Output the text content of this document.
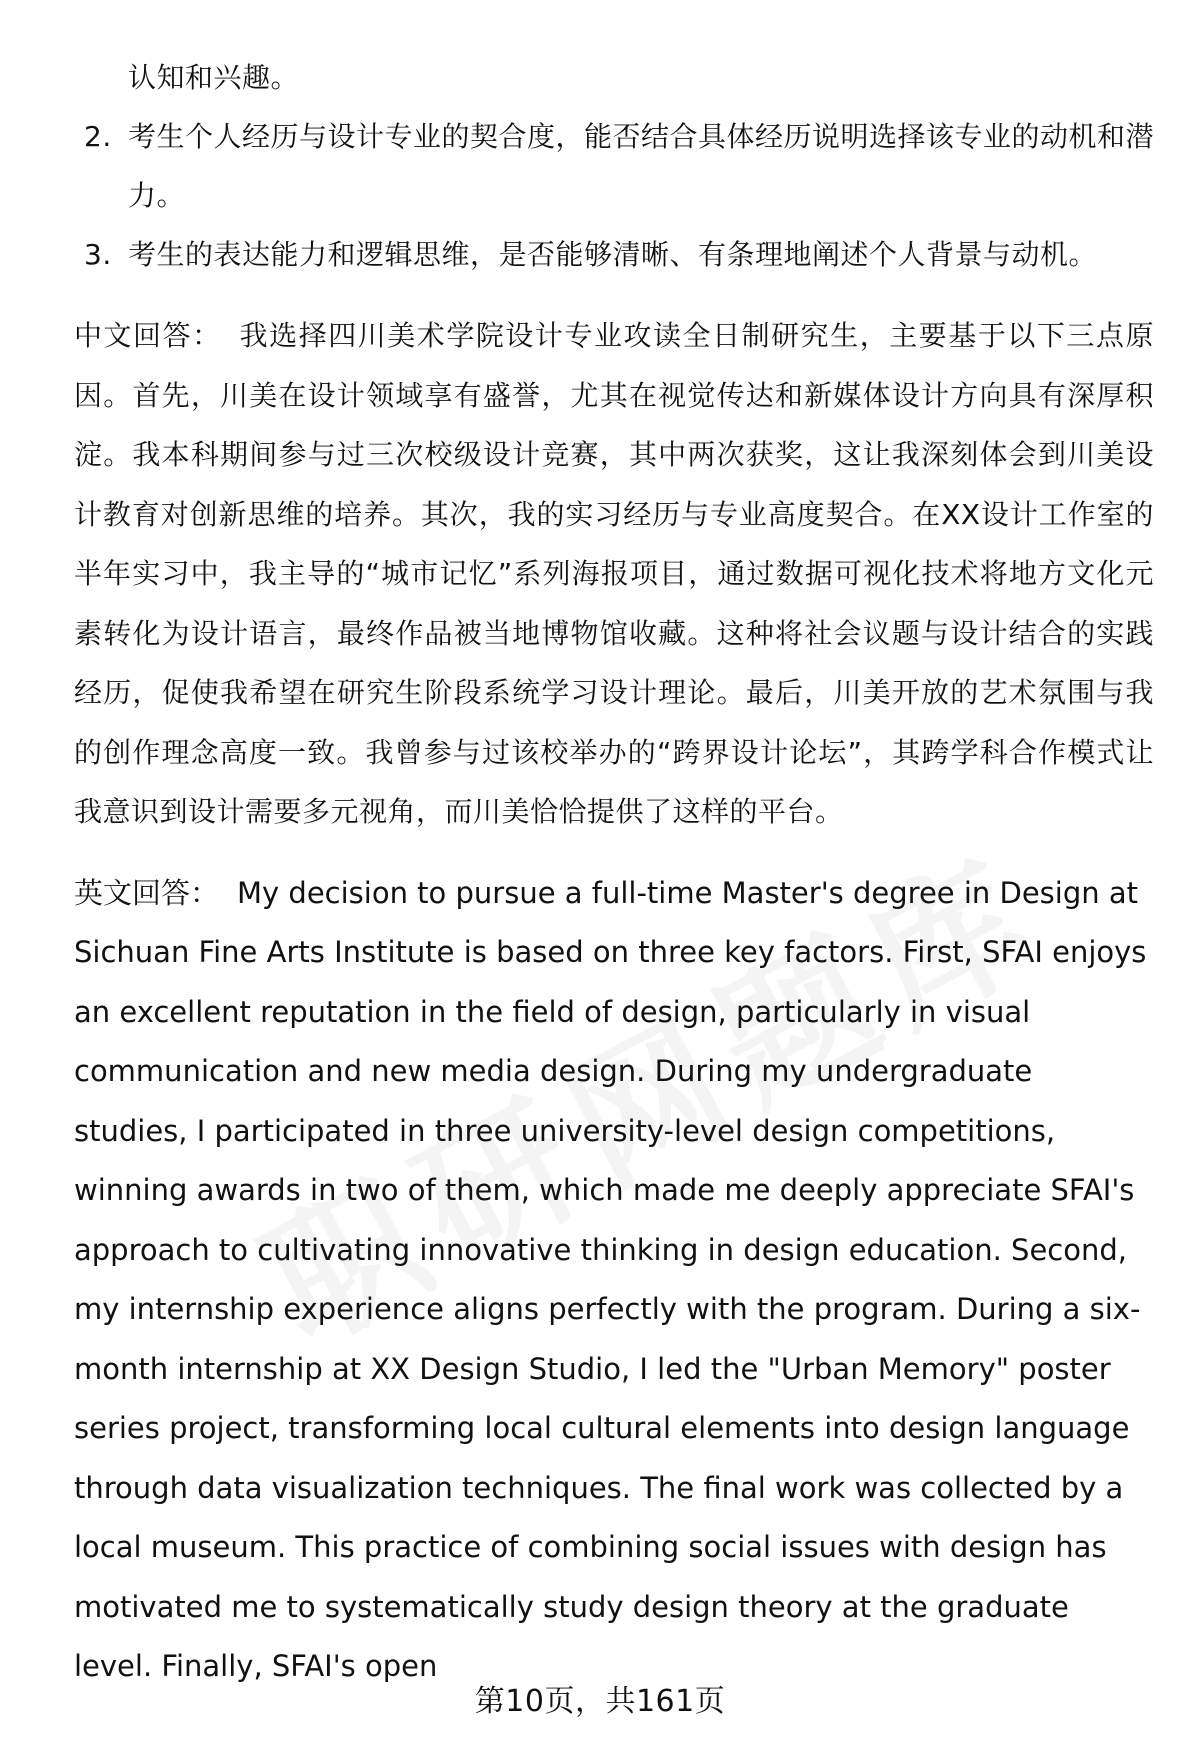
认知和兴趣。
2. 考生个人经历与设计专业的契合度，能否结合具体经历说明选择该专业的动机和潜力。
3. 考生的表达能力和逻辑思维，是否能够清晰、有条理地阐述个人背景与动机。

中文回答： 我选择四川美术学院设计专业攻读全日制研究生，主要基于以下三点原因。首先，川美在设计领域享有盛誉，尤其在视觉传达和新媒体设计方向具有深厚积淀。我本科期间参与过三次校级设计竞赛，其中两次获奖，这让我深刻体会到川美设计教育对创新思维的培养。其次，我的实习经历与专业高度契合。在XX设计工作室的半年实习中，我主导的“城市记忆”系列海报项目，通过数据可视化技术将地方文化元素转化为设计语言，最终作品被当地博物馆收藏。这种将社会议题与设计结合的实践经历，促使我希望在研究生阶段系统学习设计理论。最后，川美开放的艺术氛围与我的创作理念高度一致。我曾参与过该校举办的“跨界设计论坛”，其跨学科合作模式让我意识到设计需要多元视角，而川美恰恰提供了这样的平台。

英文回答： My decision to pursue a full-time Master's degree in Design at Sichuan Fine Arts Institute is based on three key factors. First, SFAI enjoys an excellent reputation in the field of design, particularly in visual communication and new media design. During my undergraduate studies, I participated in three university-level design competitions, winning awards in two of them, which made me deeply appreciate SFAI's approach to cultivating innovative thinking in design education. Second, my internship experience aligns perfectly with the program. During a six-month internship at XX Design Studio, I led the "Urban Memory" poster series project, transforming local cultural elements into design language through data visualization techniques. The final work was collected by a local museum. This practice of combining social issues with design has motivated me to systematically study design theory at the graduate level. Finally, SFAI's open

第10页，共161页
